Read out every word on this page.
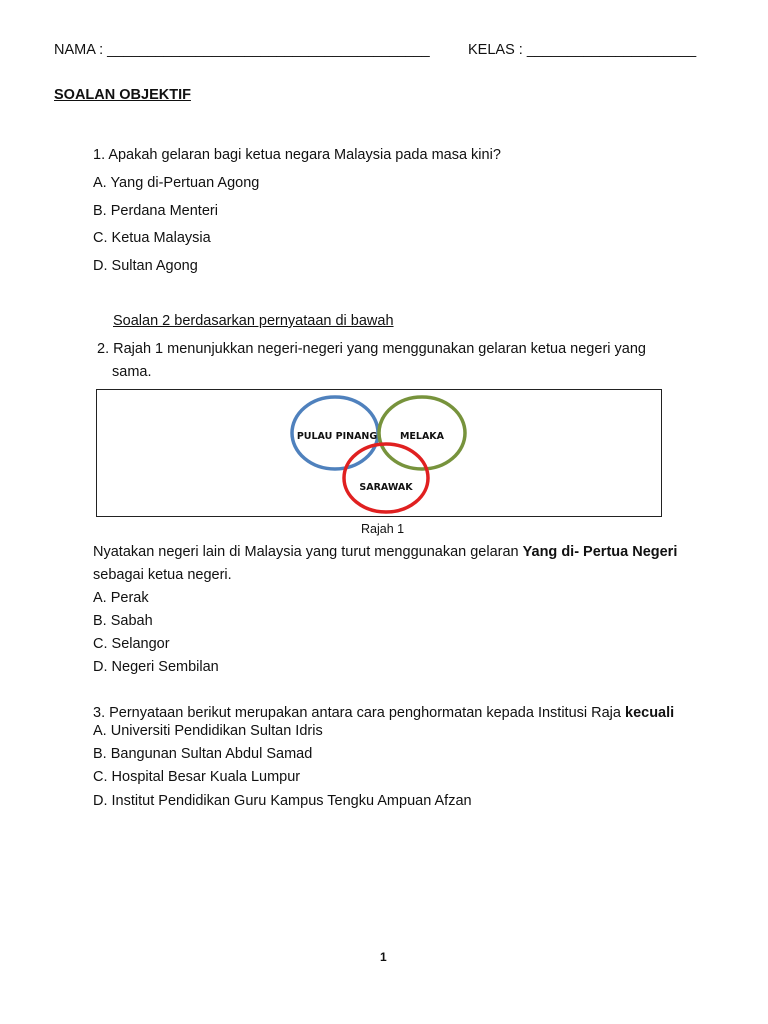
NAMA : ________________________________________	KELAS : _____________________
SOALAN OBJEKTIF
1. Apakah gelaran bagi ketua negara Malaysia pada masa kini?
A. Yang di-Pertuan Agong
B. Perdana Menteri
C. Ketua Malaysia
D. Sultan Agong
Soalan 2 berdasarkan pernyataan di bawah
2. Rajah 1 menunjukkan negeri-negeri yang menggunakan gelaran ketua negeri yang
sama.
PULAU PINANG MELAKA
SARAWAK
Rajah 1
Nyatakan negeri lain di Malaysia yang turut menggunakan gelaran Yang di- Pertua Negeri
sebagai ketua negeri.
A. Perak
B. Sabah
C. Selangor
D. Negeri Sembilan
3. Pernyataan berikut merupakan antara cara penghormatan kepada Institusi Raja kecuali
A. Universiti Pendidikan Sultan Idris
B. Bangunan Sultan Abdul Samad
C. Hospital Besar Kuala Lumpur
D. Institut Pendidikan Guru Kampus Tengku Ampuan Afzan
1
